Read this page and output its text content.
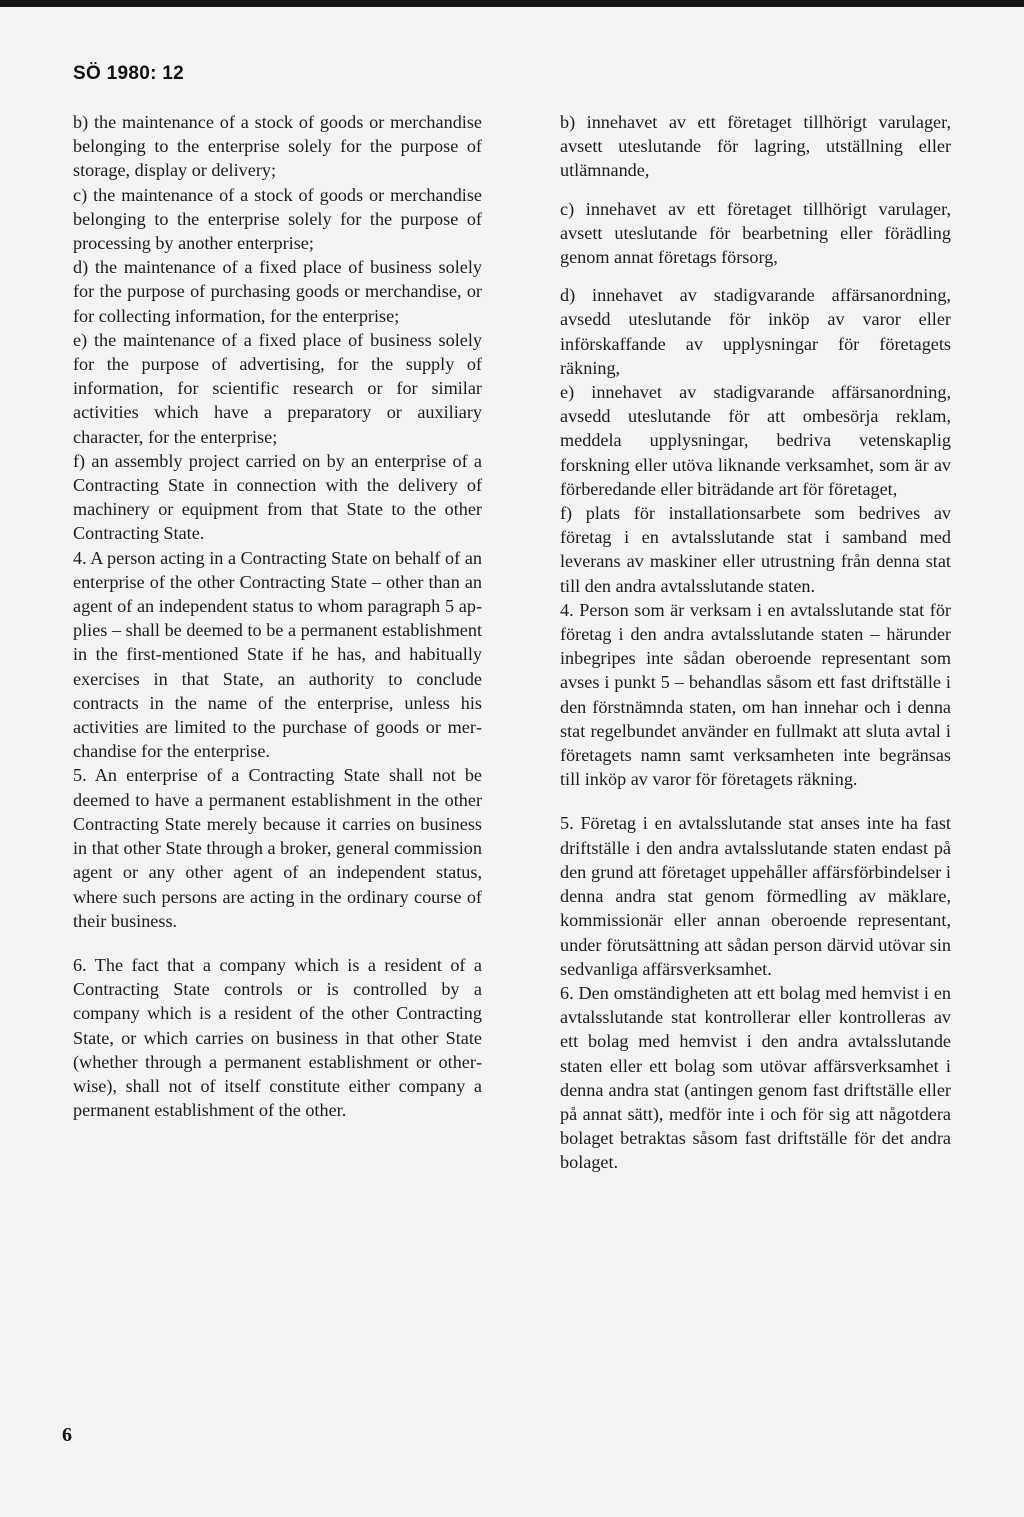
SÖ 1980: 12

b) the maintenance of a stock of goods or merchandise belonging to the enterprise solely for the purpose of storage, display or delivery;

c) the maintenance of a stock of goods or merchandise belonging to the enterprise solely for the purpose of processing by another enterprise;

d) the maintenance of a fixed place of business solely for the purpose of purchasing goods or merchandise, or for collecting information, for the enterprise;

e) the maintenance of a fixed place of business solely for the purpose of advertising, for the supply of information, for scientific research or for similar activities which have a preparatory or auxiliary character, for the enterprise;

f) an assembly project carried on by an enterprise of a Contracting State in connection with the delivery of machinery or equipment from that State to the other Contracting State.

4. A person acting in a Contracting State on behalf of an enterprise of the other Contracting State – other than an agent of an independent status to whom paragraph 5 applies – shall be deemed to be a permanent establishment in the first-mentioned State if he has, and habitually exercises in that State, an authority to conclude contracts in the name of the enterprise, unless his activities are limited to the purchase of goods or merchandise for the enterprise.

5. An enterprise of a Contracting State shall not be deemed to have a permanent establishment in the other Contracting State merely because it carries on business in that other State through a broker, general commission agent or any other agent of an independent status, where such persons are acting in the ordinary course of their business.

6. The fact that a company which is a resident of a Contracting State controls or is controlled by a company which is a resident of the other Contracting State, or which carries on business in that other State (whether through a permanent establishment or otherwise), shall not of itself constitute either company a permanent establishment of the other.

b) innehavet av ett företaget tillhörigt varulager, avsett uteslutande för lagring, utställning eller utlämnande,

c) innehavet av ett företaget tillhörigt varulager, avsett uteslutande för bearbetning eller förädling genom annat företags försorg,

d) innehavet av stadigvarande affärsanordning, avsedd uteslutande för inköp av varor eller införskaffande av upplysningar för företagets räkning,

e) innehavet av stadigvarande affärsanordning, avsedd uteslutande för att ombesörja reklam, meddela upplysningar, bedriva vetenskaplig forskning eller utöva liknande verksamhet, som är av förberedande eller biträdande art för företaget,

f) plats för installationsarbete som bedrives av företag i en avtalsslutande stat i samband med leverans av maskiner eller utrustning från denna stat till den andra avtalsslutande staten.

4. Person som är verksam i en avtalsslutande stat för företag i den andra avtalsslutande staten – härunder inbegripes inte sådan oberoende representant som avses i punkt 5 – behandlas såsom ett fast driftställe i den förstnämnda staten, om han innehar och i denna stat regelbundet använder en fullmakt att sluta avtal i företagets namn samt verksamheten inte begränsas till inköp av varor för företagets räkning.

5. Företag i en avtalsslutande stat anses inte ha fast driftställe i den andra avtalsslutande staten endast på den grund att företaget uppehåller affärsförbindelser i denna andra stat genom förmedling av mäklare, kommissionär eller annan oberoende representant, under förutsättning att sådan person därvid utövar sin sedvanliga affärsverksamhet.

6. Den omständigheten att ett bolag med hemvist i en avtalsslutande stat kontrollerar eller kontrolleras av ett bolag med hemvist i den andra avtalsslutande staten eller ett bolag som utövar affärsverksamhet i denna andra stat (antingen genom fast driftställe eller på annat sätt), medför inte i och för sig att någotdera bolaget betraktas såsom fast driftställe för det andra bolaget.

6
